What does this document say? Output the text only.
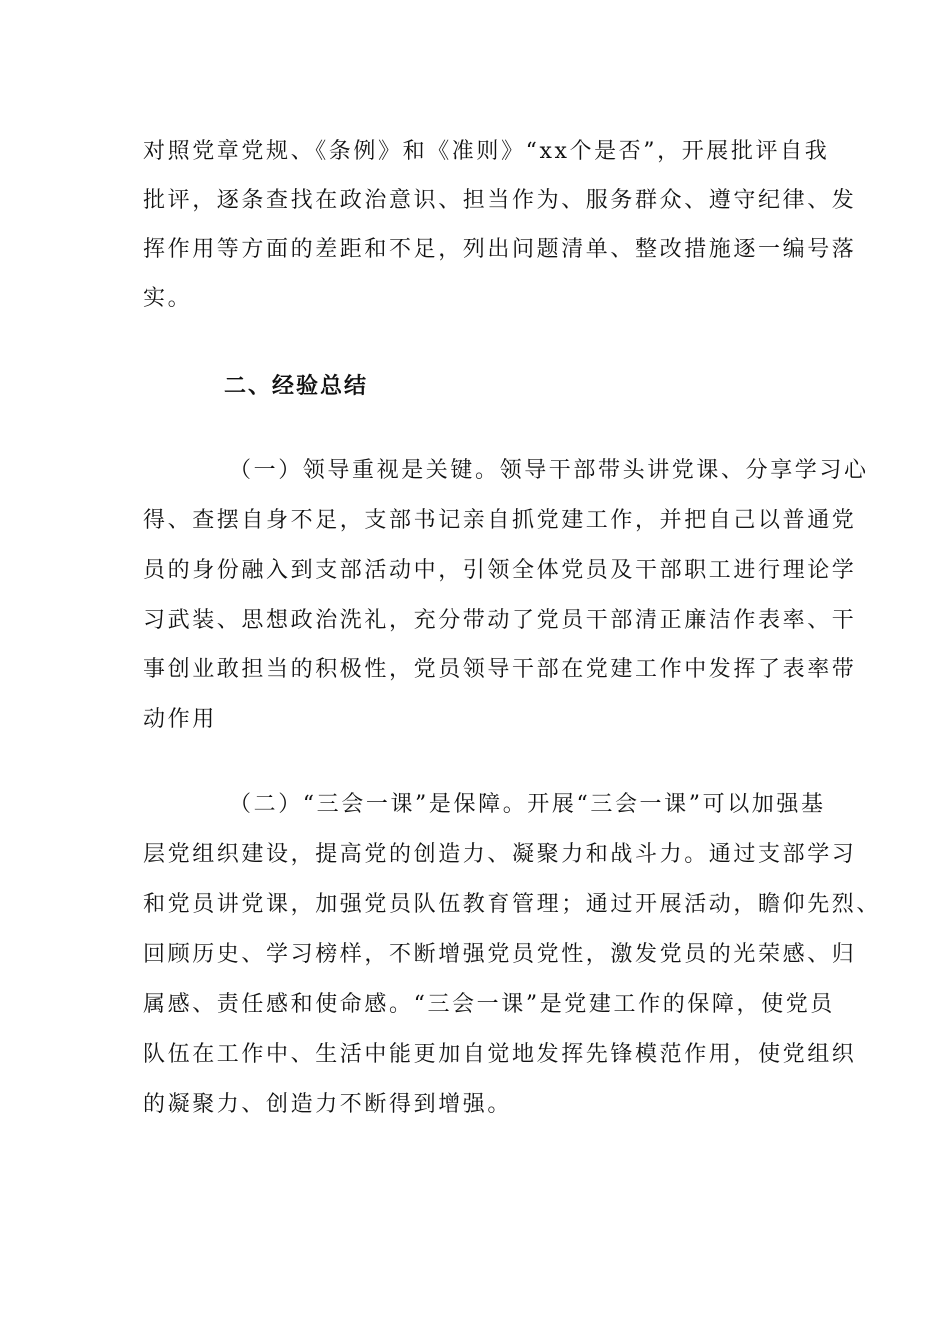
对照党章党规、《条例》和《准则》“xx个是否”，开展批评自我
批评，逐条查找在政治意识、担当作为、服务群众、遵守纪律、发
挥作用等方面的差距和不足，列出问题清单、整改措施逐一编号落
实。
二、经验总结
（一）领导重视是关键。领导干部带头讲党课、分享学习心
得、查摆自身不足，支部书记亲自抓党建工作，并把自己以普通党
员的身份融入到支部活动中，引领全体党员及干部职工进行理论学
习武装、思想政治洗礼，充分带动了党员干部清正廉洁作表率、干
事创业敢担当的积极性，党员领导干部在党建工作中发挥了表率带
动作用
（二）“三会一课”是保障。开展“三会一课”可以加强基
层党组织建设，提高党的创造力、凝聚力和战斗力。通过支部学习
和党员讲党课，加强党员队伍教育管理；通过开展活动，瞻仰先烈、
回顾历史、学习榜样，不断增强党员党性，激发党员的光荣感、归
属感、责任感和使命感。“三会一课”是党建工作的保障，使党员
队伍在工作中、生活中能更加自觉地发挥先锋模范作用，使党组织
的凝聚力、创造力不断得到增强。
